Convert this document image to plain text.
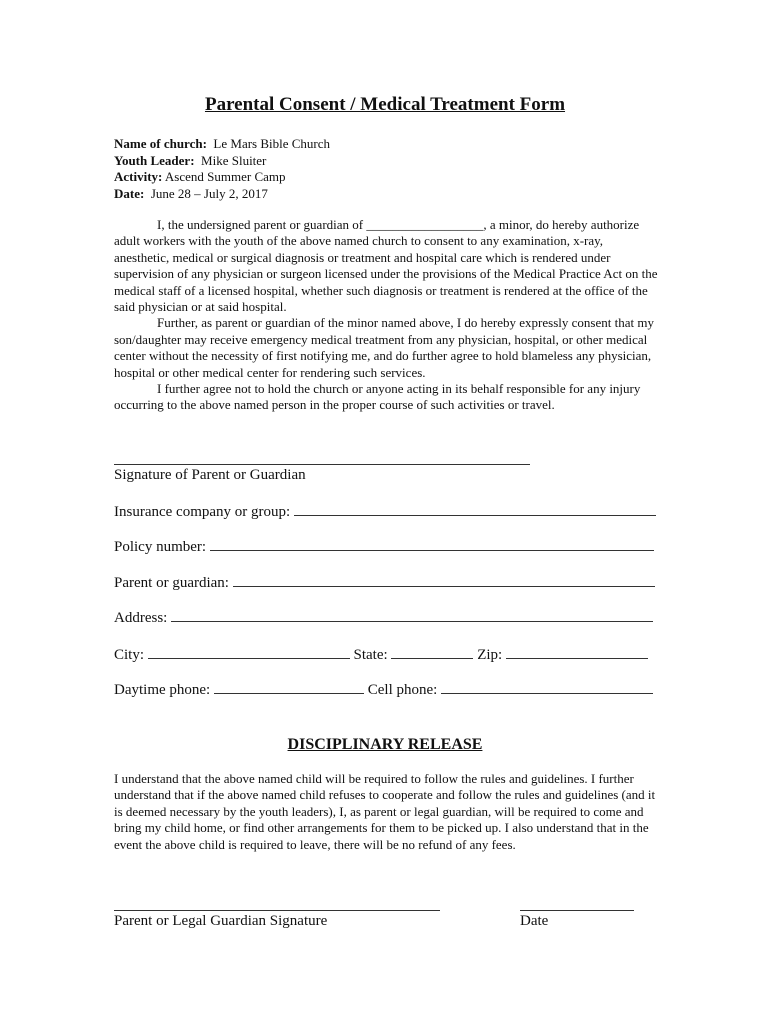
Parental Consent / Medical Treatment Form
Name of church: Le Mars Bible Church
Youth Leader: Mike Sluiter
Activity: Ascend Summer Camp
Date: June 28 – July 2, 2017

I, the undersigned parent or guardian of __________________, a minor, do hereby authorize adult workers with the youth of the above named church to consent to any examination, x-ray, anesthetic, medical or surgical diagnosis or treatment and hospital care which is rendered under supervision of any physician or surgeon licensed under the provisions of the Medical Practice Act on the medical staff of a licensed hospital, whether such diagnosis or treatment is rendered at the office of the said physician or at said hospital.

Further, as parent or guardian of the minor named above, I do hereby expressly consent that my son/daughter may receive emergency medical treatment from any physician, hospital, or other medical center without the necessity of first notifying me, and do further agree to hold blameless any physician, hospital or other medical center for rendering such services.

I further agree not to hold the church or anyone acting in its behalf responsible for any injury occurring to the above named person in the proper course of such activities or travel.

Signature of Parent or Guardian
Insurance company or group:
Policy number:
Parent or guardian:
Address:
City:	State:	Zip:
Daytime phone:	Cell phone:
DISCIPLINARY RELEASE
I understand that the above named child will be required to follow the rules and guidelines. I further understand that if the above named child refuses to cooperate and follow the rules and guidelines (and it is deemed necessary by the youth leaders), I, as parent or legal guardian, will be required to come and bring my child home, or find other arrangements for them to be picked up. I also understand that in the event the above child is required to leave, there will be no refund of any fees.
Parent or Legal Guardian Signature	Date
